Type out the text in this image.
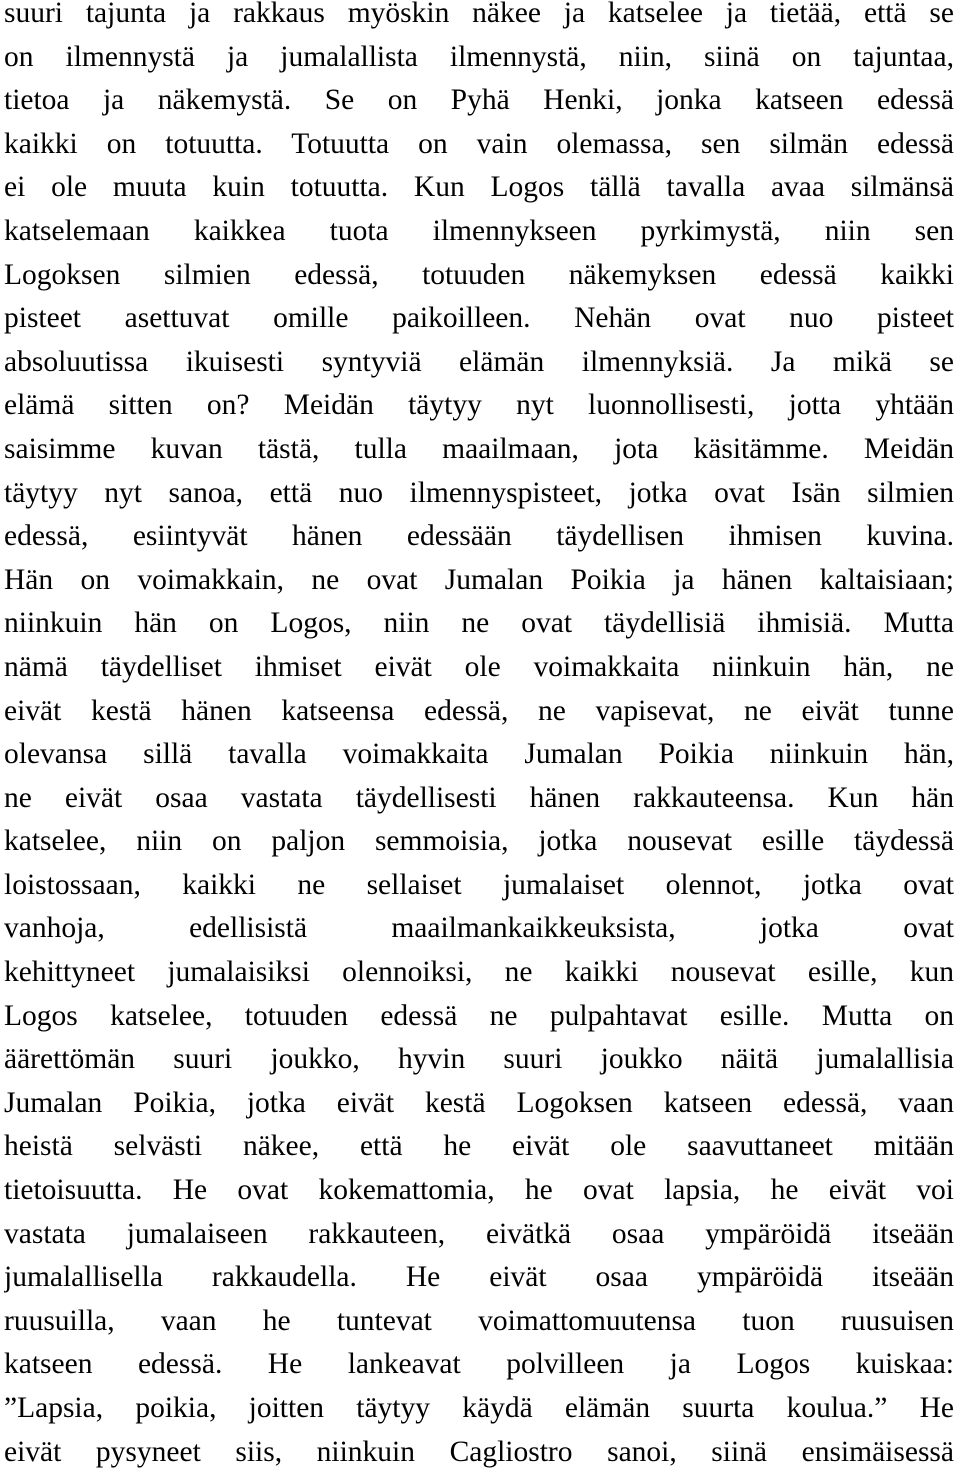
suuri tajunta ja rakkaus myöskin näkee ja katselee ja tietää, että se
on ilmennystä ja jumalallista ilmennystä, niin, siinä on tajuntaa,
tietoa ja näkemystä. Se on Pyhä Henki, jonka katseen edessä
kaikki on totuutta. Totuutta on vain olemassa, sen silmän edessä
ei ole muuta kuin totuutta. Kun Logos tällä tavalla avaa silmänsä
katselemaan kaikkea tuota ilmennykseen pyrkimystä, niin sen
Logoksen silmien edessä, totuuden näkemyksen edessä kaikki
pisteet asettuvat omille paikoilleen. Nehän ovat nuo pisteet
absoluutissa ikuisesti syntyviä elämän ilmennyksiä. Ja mikä se
elämä sitten on? Meidän täytyy nyt luonnollisesti, jotta yhtään
saisimme kuvan tästä, tulla maailmaan, jota käsitämme. Meidän
täytyy nyt sanoa, että nuo ilmennyspisteet, jotka ovat Isän silmien
edessä, esiintyvät hänen edessään täydellisen ihmisen kuvina.
Hän on voimakkain, ne ovat Jumalan Poikia ja hänen kaltaisiaan;
niinkuin hän on Logos, niin ne ovat täydellisiä ihmisiä. Mutta
nämä täydelliset ihmiset eivät ole voimakkaita niinkuin hän, ne
eivät kestä hänen katseensa edessä, ne vapisevat, ne eivät tunne
olevansa sillä tavalla voimakkaita Jumalan Poikia niinkuin hän,
ne eivät osaa vastata täydellisesti hänen rakkauteensa. Kun hän
katselee, niin on paljon semmoisia, jotka nousevat esille täydessä
loistossaan, kaikki ne sellaiset jumalaiset olennot, jotka ovat
vanhoja, edellisistä maailmankaikkeuksista, jotka ovat
kehittyneet jumalaisiksi olennoiksi, ne kaikki nousevat esille, kun
Logos katselee, totuuden edessä ne pulpahtavat esille. Mutta on
äärettömän suuri joukko, hyvin suuri joukko näitä jumalallisia
Jumalan Poikia, jotka eivät kestä Logoksen katseen edessä, vaan
heistä selvästi näkee, että he eivät ole saavuttaneet mitään
tietoisuutta. He ovat kokemattomia, he ovat lapsia, he eivät voi
vastata jumalaiseen rakkauteen, eivätkä osaa ympäröidä itseään
jumalallisella rakkaudella. He eivät osaa ympäröidä itseään
ruusuilla, vaan he tuntevat voimattomuutensa tuon ruusuisen
katseen edessä. He lankeavat polvilleen ja Logos kuiskaa:
”Lapsia, poikia, joitten täytyy käydä elämän suurta koulua.” He
eivät pysyneet siis, niinkuin Cagliostro sanoi, siinä ensimäisessä
